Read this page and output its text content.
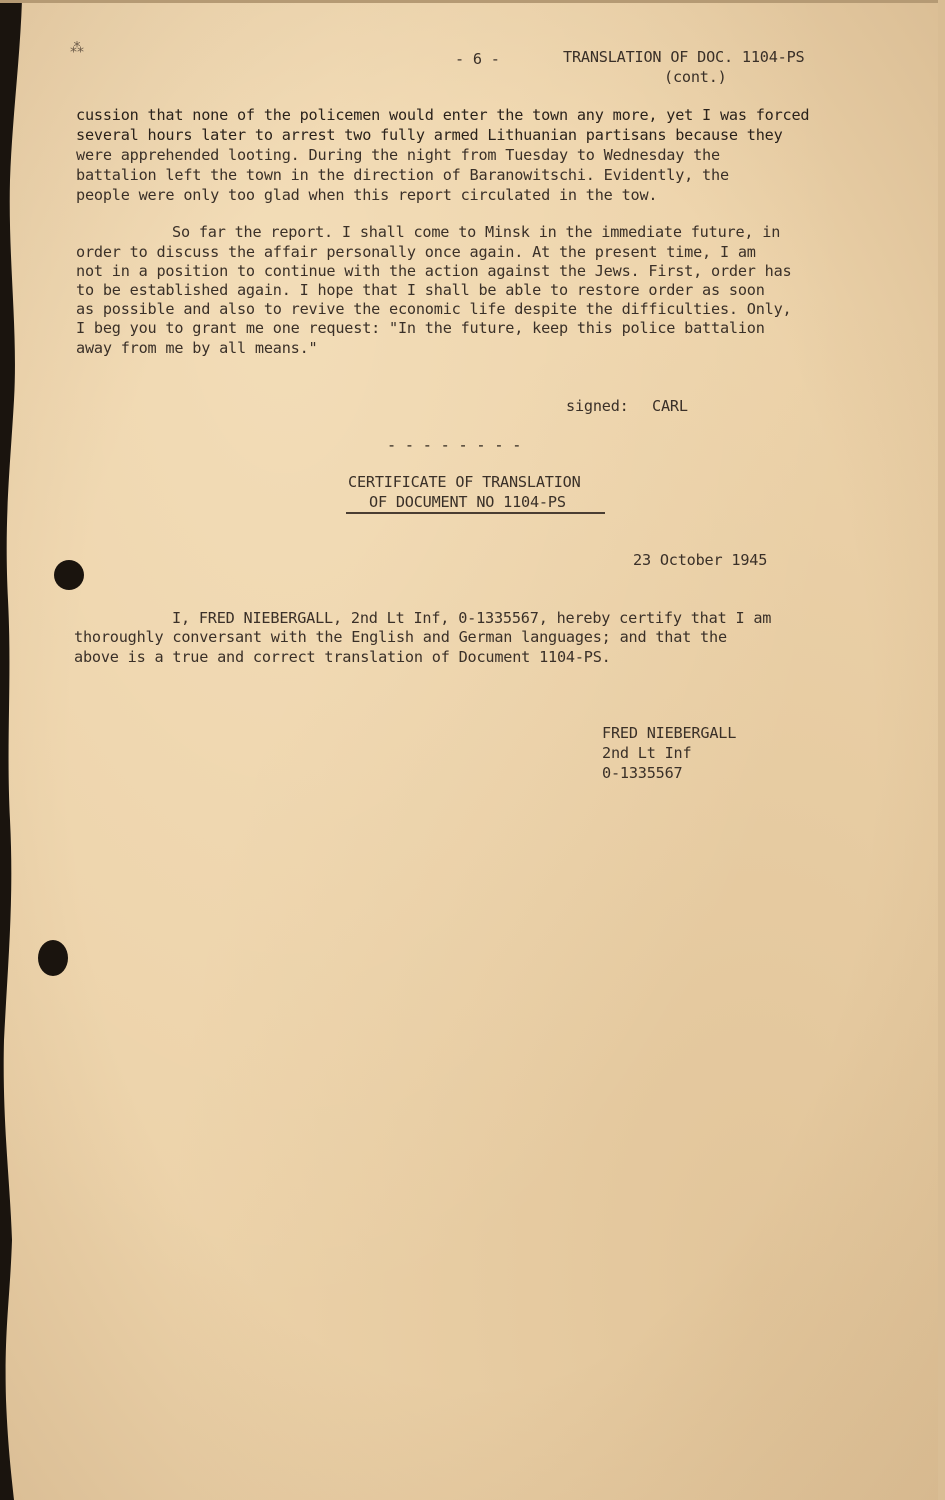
⁂
- 6 -	TRANSLATION OF DOC. 1104-PS
(cont.)
cussion that none of the policemen would enter the town any more, yet I was forced
several hours later to arrest two fully armed Lithuanian partisans because they
were apprehended looting. During the night from Tuesday to Wednesday the
battalion left the town in the direction of Baranowitschi. Evidently, the
people were only too glad when this report circulated in the tow.
So far the report. I shall come to Minsk in the immediate future, in
order to discuss the affair personally once again. At the present time, I am
not in a position to continue with the action against the Jews. First, order has
to be established again. I hope that I shall be able to restore order as soon
as possible and also to revive the economic life despite the difficulties. Only,
I beg you to grant me one request: "In the future, keep this police battalion
away from me by all means."
signed: CARL
- - - - - - - -
CERTIFICATE OF TRANSLATION
OF DOCUMENT NO 1104-PS
23 October 1945
I, FRED NIEBERGALL, 2nd Lt Inf, 0-1335567, hereby certify that I am
thoroughly conversant with the English and German languages; and that the
above is a true and correct translation of Document 1104-PS.
FRED NIEBERGALL
2nd Lt Inf
0-1335567
